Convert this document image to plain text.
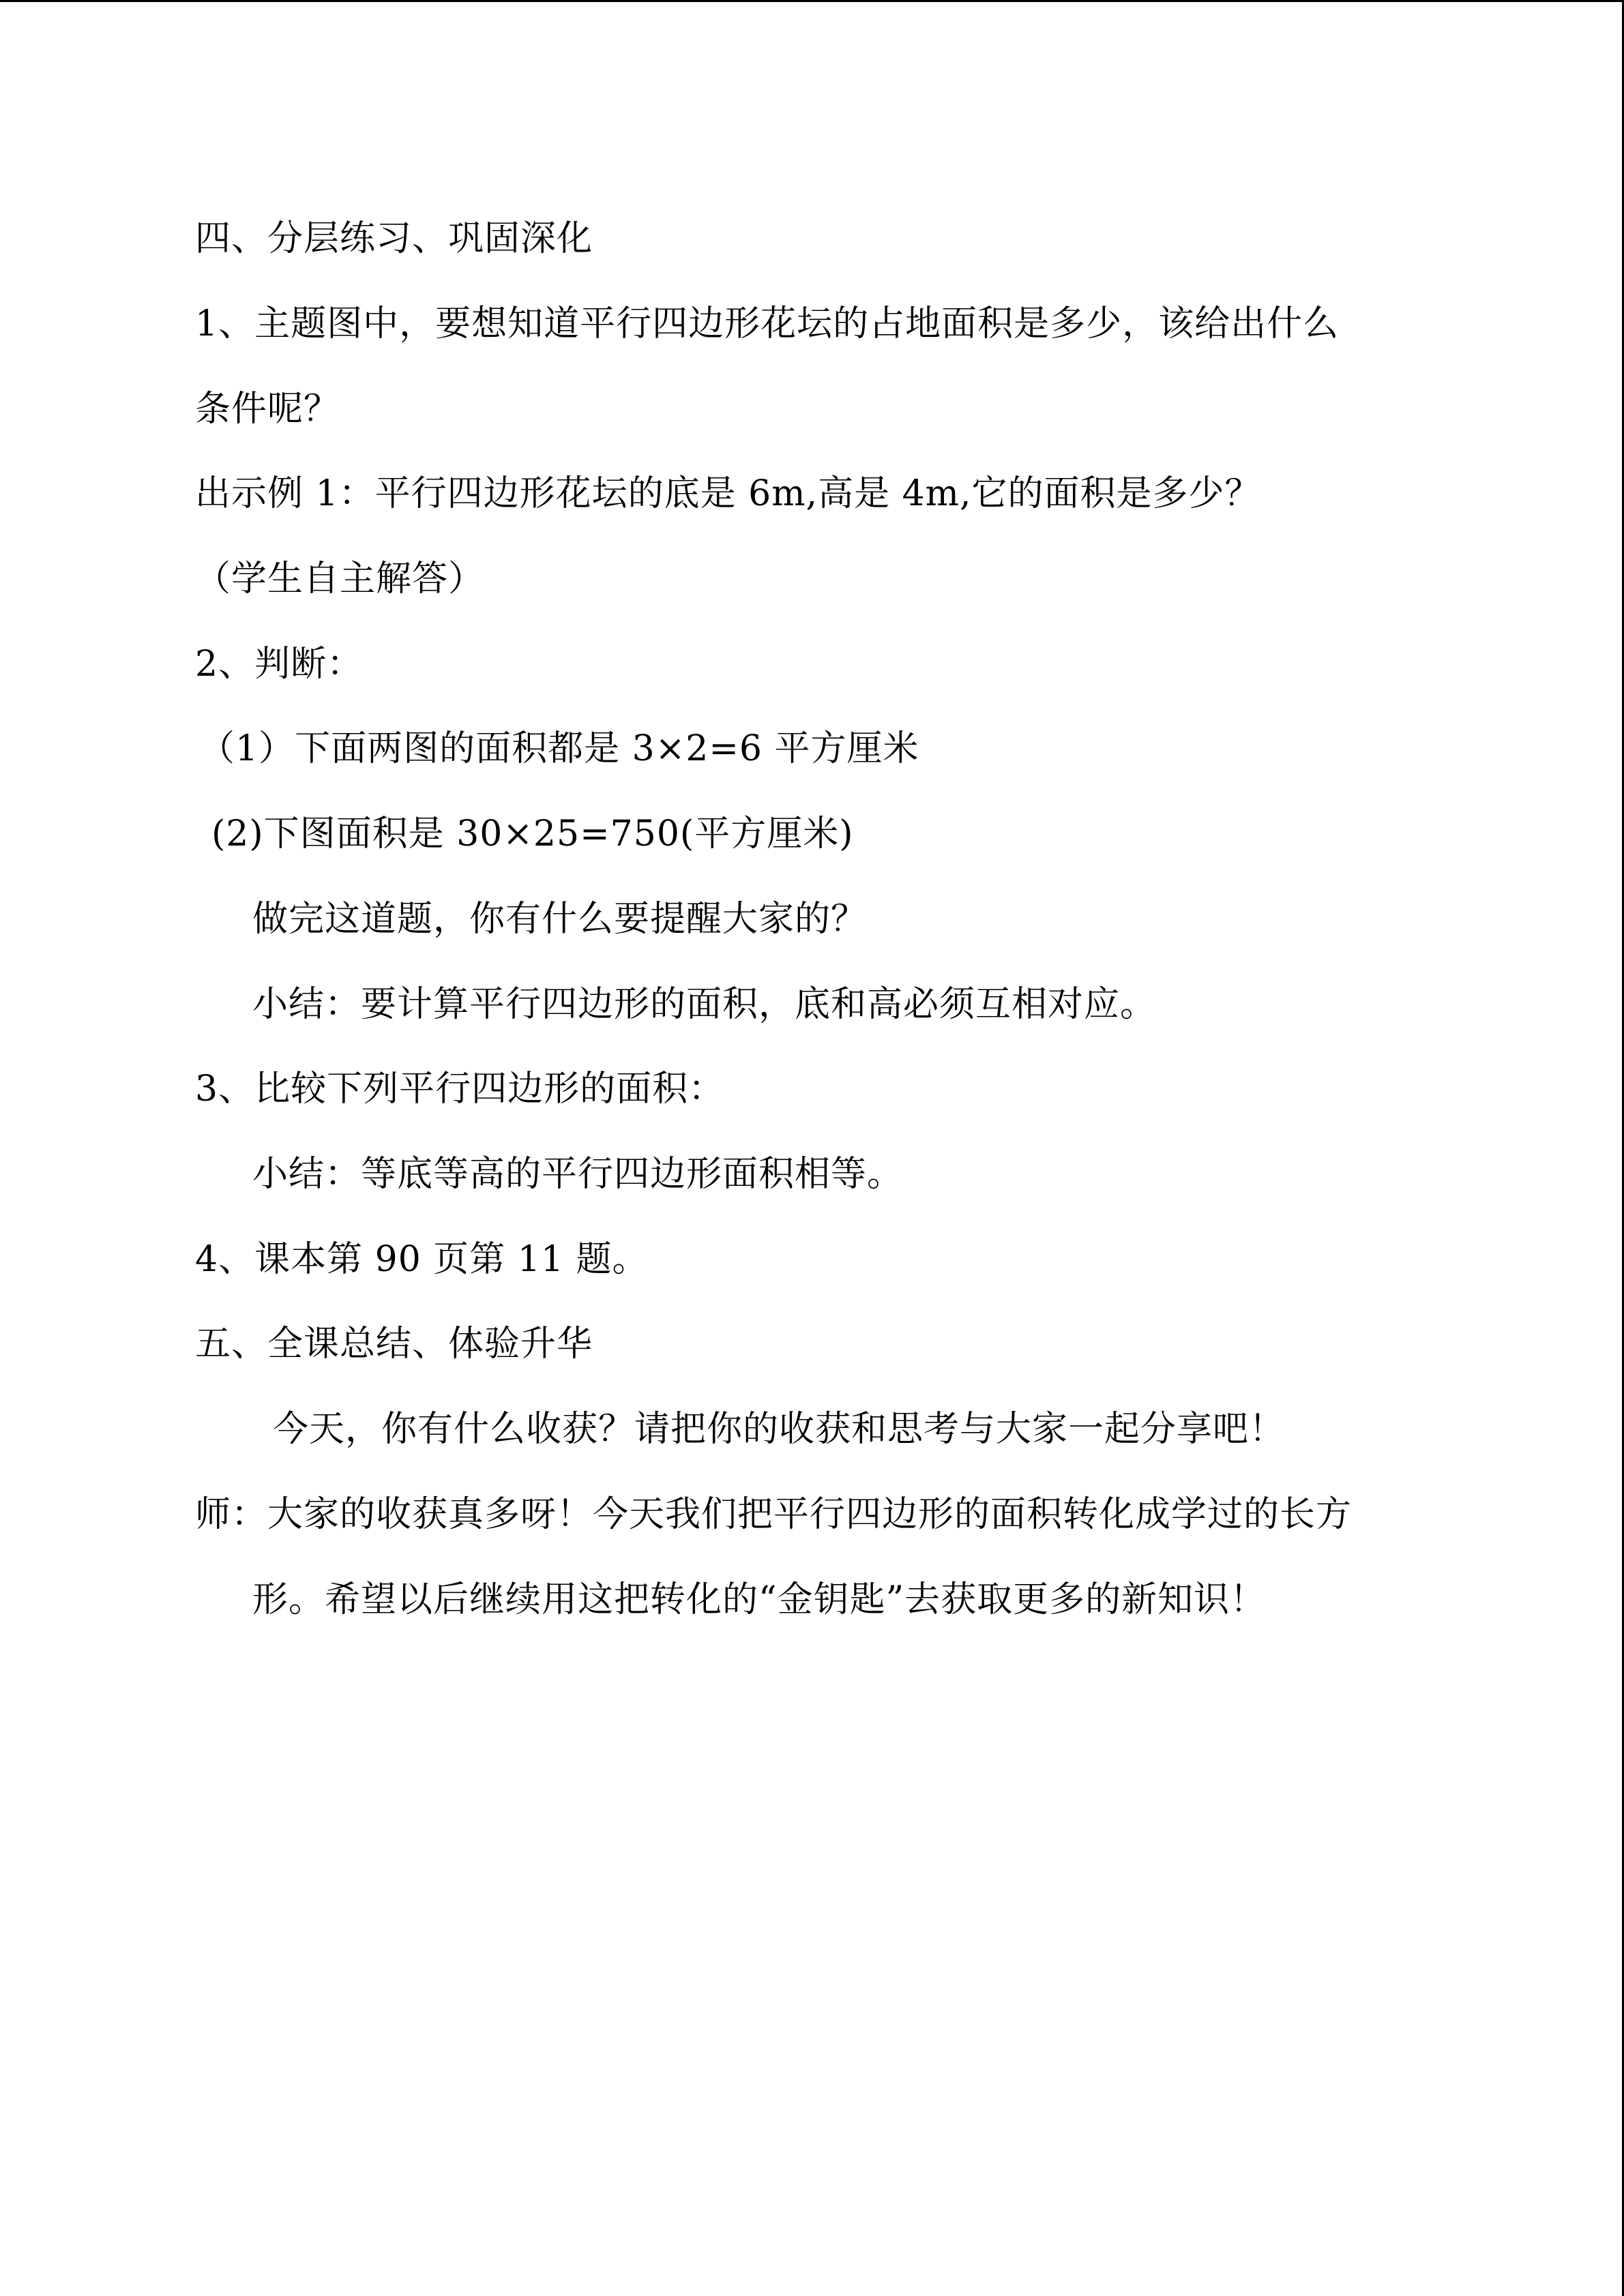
四、分层练习、巩固深化
1、主题图中，要想知道平行四边形花坛的占地面积是多少，该给出什么
条件呢？
出示例 1：平行四边形花坛的底是 6m,高是 4m,它的面积是多少？
（学生自主解答）
2、判断：
（1）下面两图的面积都是 3×2=6 平方厘米
(2)下图面积是 30×25=750(平方厘米)
做完这道题，你有什么要提醒大家的？
小结：要计算平行四边形的面积，底和高必须互相对应。
3、比较下列平行四边形的面积：
小结：等底等高的平行四边形面积相等。
4、课本第 90 页第 11 题。
五、全课总结、体验升华
今天，你有什么收获？请把你的收获和思考与大家一起分享吧！
师：大家的收获真多呀！今天我们把平行四边形的面积转化成学过的长方
形。希望以后继续用这把转化的“金钥匙”去获取更多的新知识！
